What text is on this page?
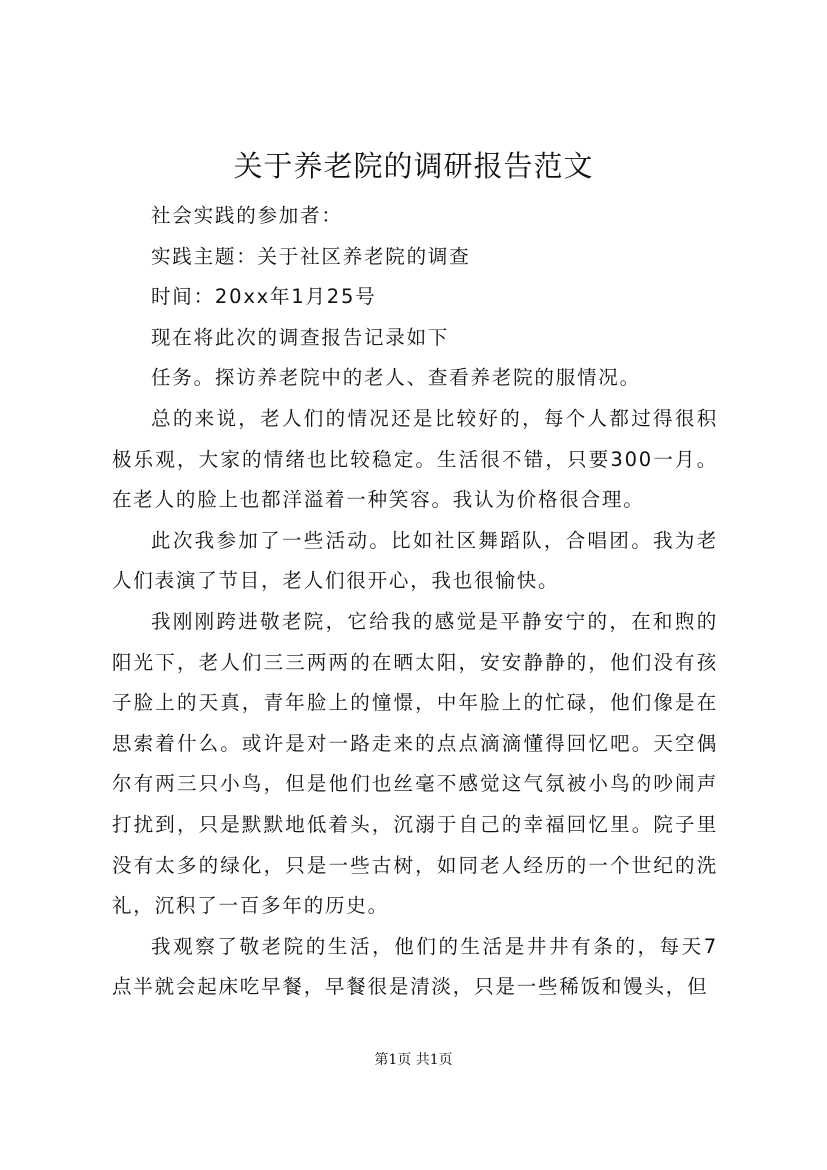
关于养老院的调研报告范文

社会实践的参加者：

实践主题：关于社区养老院的调查

时间：20xx年1月25号

现在将此次的调查报告记录如下

任务。探访养老院中的老人、查看养老院的服情况。

总的来说，老人们的情况还是比较好的，每个人都过得很积极乐观，大家的情绪也比较稳定。生活很不错，只要300一月。在老人的脸上也都洋溢着一种笑容。我认为价格很合理。

此次我参加了一些活动。比如社区舞蹈队，合唱团。我为老人们表演了节目，老人们很开心，我也很愉快。

我刚刚跨进敬老院，它给我的感觉是平静安宁的，在和煦的阳光下，老人们三三两两的在晒太阳，安安静静的，他们没有孩子脸上的天真，青年脸上的憧憬，中年脸上的忙碌，他们像是在思索着什么。或许是对一路走来的点点滴滴懂得回忆吧。天空偶尔有两三只小鸟，但是他们也丝毫不感觉这气氛被小鸟的吵闹声打扰到，只是默默地低着头，沉溺于自己的幸福回忆里。院子里没有太多的绿化，只是一些古树，如同老人经历的一个世纪的洗礼，沉积了一百多年的历史。

我观察了敬老院的生活，他们的生活是井井有条的，每天7点半就会起床吃早餐，早餐很是清淡，只是一些稀饭和馒头，但

第1页 共1页
